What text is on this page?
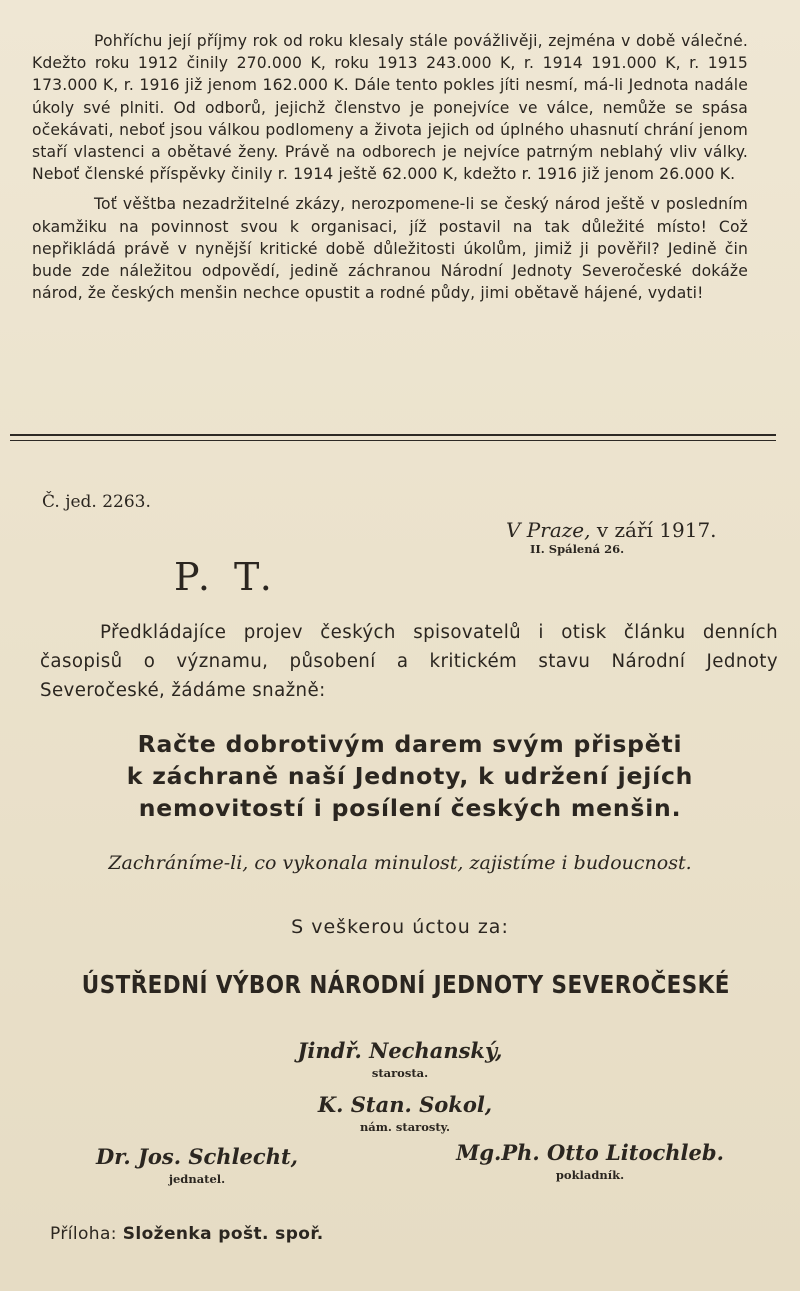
Pohříchu její příjmy rok od roku klesaly stále povážlivěji, zejména v době válečné. Kdežto roku 1912 činily 270.000 K, roku 1913 243.000 K, r. 1914 191.000 K, r. 1915 173.000 K, r. 1916 již jenom 162.000 K. Dále tento pokles jíti nesmí, má-li Jednota nadále úkoly své plniti. Od odborů, jejichž členstvo je ponejvíce ve válce, nemůže se spása očekávati, neboť jsou válkou podlomeny a života jejich od úplného uhasnutí chrání jenom staří vlastenci a obětavé ženy. Právě na odborech je nejvíce patrným neblahý vliv války. Neboť členské příspěvky činily r. 1914 ještě 62.000 K, kdežto r. 1916 již jenom 26.000 K.

Toť věštba nezadržitelné zkázy, nerozpomene-li se český národ ještě v posledním okamžiku na povinnost svou k organisaci, jíž postavil na tak důležité místo! Což nepřikládá právě v nynější kritické době důležitosti úkolům, jimiž ji pověřil? Jedině čin bude zde náležitou odpovědí, jedině záchranou Národní Jednoty Severočeské dokáže národ, že českých menšin nechce opustit a rodné půdy, jimi obětavě hájené, vydati!

Č. jed. 2263.
V Praze, v září 1917.
II. Spálená 26.
P. T.

Předkládajíce projev českých spisovatelů i otisk článku denních časopisů o významu, působení a kritickém stavu Národní Jednoty Severočeské, žádáme snažně:

Račte dobrotivým darem svým přispěti
k záchraně naší Jednoty, k udržení jejích
nemovitostí i posílení českých menšin.
Zachráníme-li, co vykonala minulost, zajistíme i budoucnost.
S veškerou úctou za:
ÚSTŘEDNÍ VÝBOR NÁRODNÍ JEDNOTY SEVEROČESKÉ
Jindř. Nechanský,
starosta.
K. Stan. Sokol,
nám. starosty.
Dr. Jos. Schlecht,
jednatel.
Mg.Ph. Otto Litochleb.
pokladník.
Příloha: Složenka pošt. spoř.
